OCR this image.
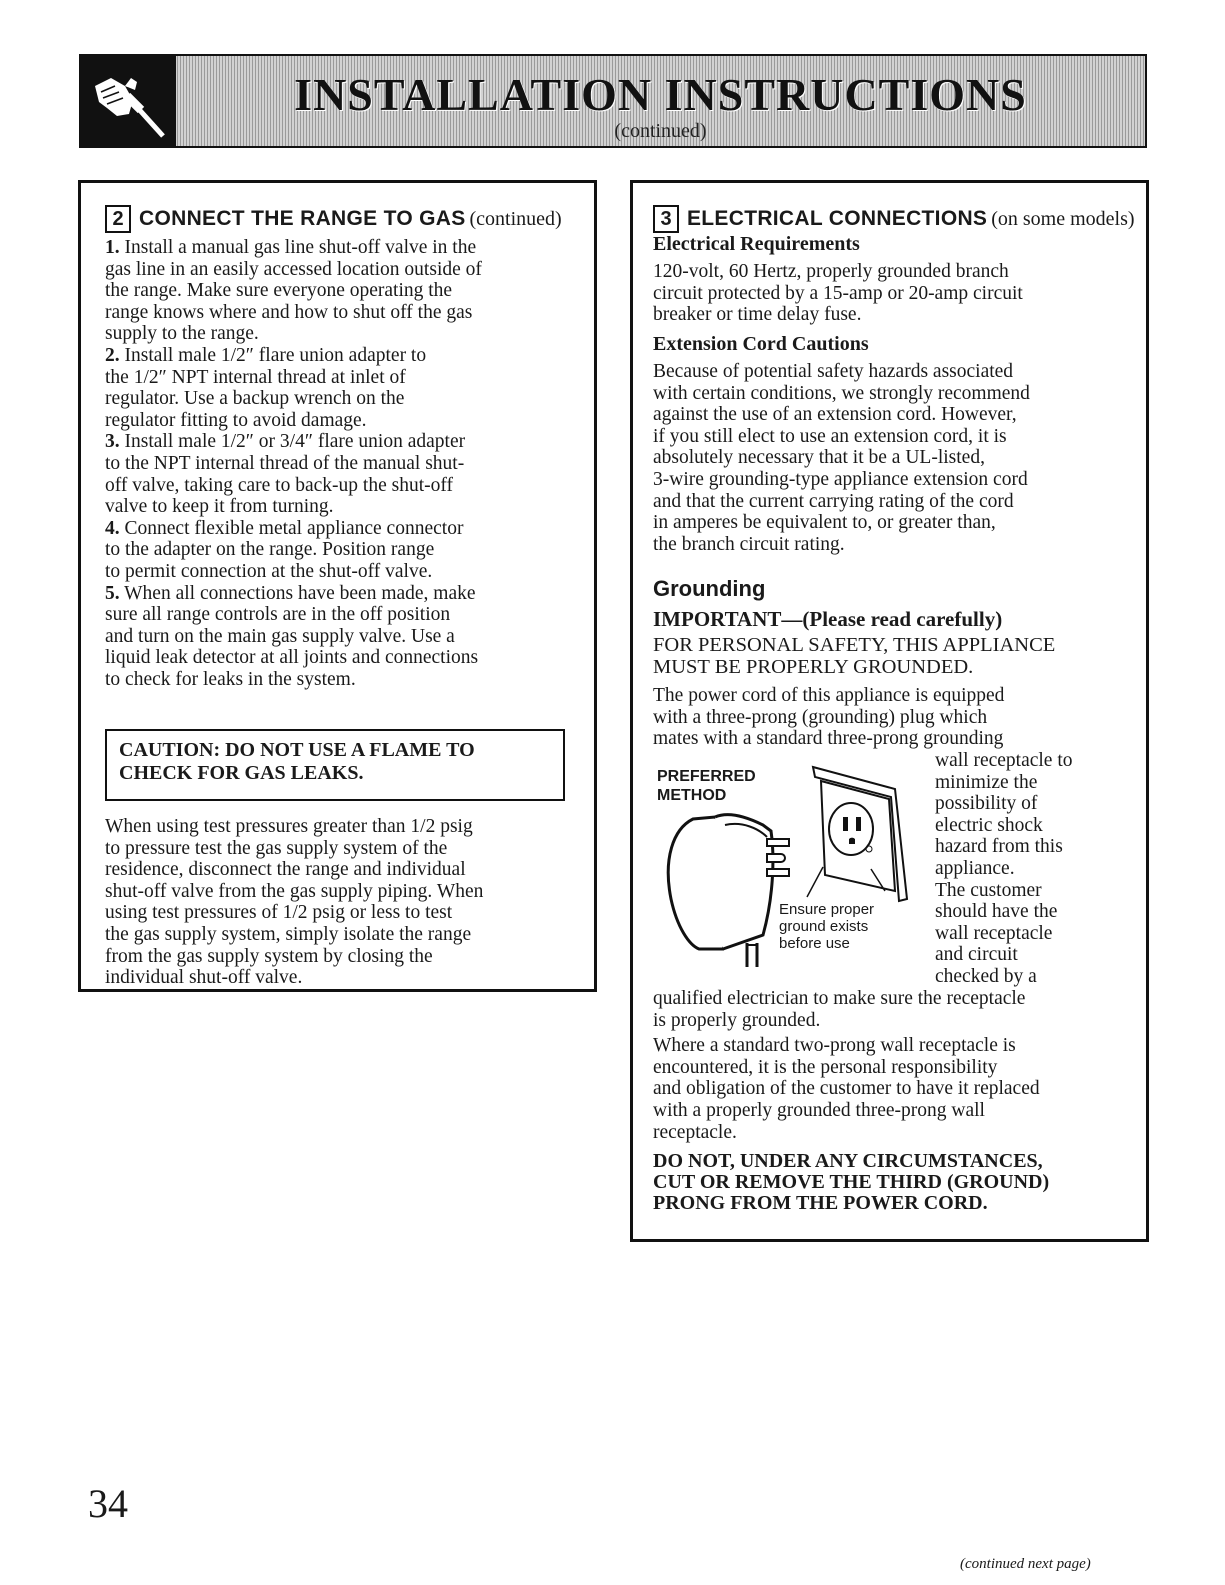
INSTALLATION INSTRUCTIONS
(continued)
2 CONNECT THE RANGE TO GAS (continued)

1. Install a manual gas line shut-off valve in the

gas line in an easily accessed location outside of

the range. Make sure everyone operating the

range knows where and how to shut off the gas

supply to the range.

2. Install male 1/2″ flare union adapter to

the 1/2″ NPT internal thread at inlet of

regulator. Use a backup wrench on the

regulator fitting to avoid damage.

3. Install male 1/2″ or 3/4″ flare union adapter

to the NPT internal thread of the manual shut-

off valve, taking care to back-up the shut-off

valve to keep it from turning.

4. Connect flexible metal appliance connector

to the adapter on the range. Position range

to permit connection at the shut-off valve.

5. When all connections have been made, make

sure all range controls are in the off position

and turn on the main gas supply valve. Use a

liquid leak detector at all joints and connections

to check for leaks in the system.

CAUTION: DO NOT USE A FLAME TO
CHECK FOR GAS LEAKS.

When using test pressures greater than 1/2 psig

to pressure test the gas supply system of the

residence, disconnect the range and individual

shut-off valve from the gas supply piping. When

using test pressures of 1/2 psig or less to test

the gas supply system, simply isolate the range

from the gas supply system by closing the

individual shut-off valve.

3 ELECTRICAL CONNECTIONS (on some models)
Electrical Requirements

120-volt, 60 Hertz, properly grounded branch

circuit protected by a 15-amp or 20-amp circuit

breaker or time delay fuse.

Extension Cord Cautions

Because of potential safety hazards associated

with certain conditions, we strongly recommend

against the use of an extension cord. However,

if you still elect to use an extension cord, it is

absolutely necessary that it be a UL-listed,

3-wire grounding-type appliance extension cord

and that the current carrying rating of the cord

in amperes be equivalent to, or greater than,

the branch circuit rating.

Grounding
IMPORTANT—(Please read carefully)

FOR PERSONAL SAFETY, THIS APPLIANCE

MUST BE PROPERLY GROUNDED.

The power cord of this appliance is equipped

with a three-prong (grounding) plug which

mates with a standard three-prong grounding

wall receptacle to

minimize the

possibility of

electric shock

hazard from this

appliance.

The customer

should have the

wall receptacle

and circuit

checked by a

PREFERRED
METHOD
Ensure proper
ground exists
before use

qualified electrician to make sure the receptacle

is properly grounded.

Where a standard two-prong wall receptacle is

encountered, it is the personal responsibility

and obligation of the customer to have it replaced

with a properly grounded three-prong wall

receptacle.

DO NOT, UNDER ANY CIRCUMSTANCES,
CUT OR REMOVE THE THIRD (GROUND)
PRONG FROM THE POWER CORD.
(continued next page)
34
